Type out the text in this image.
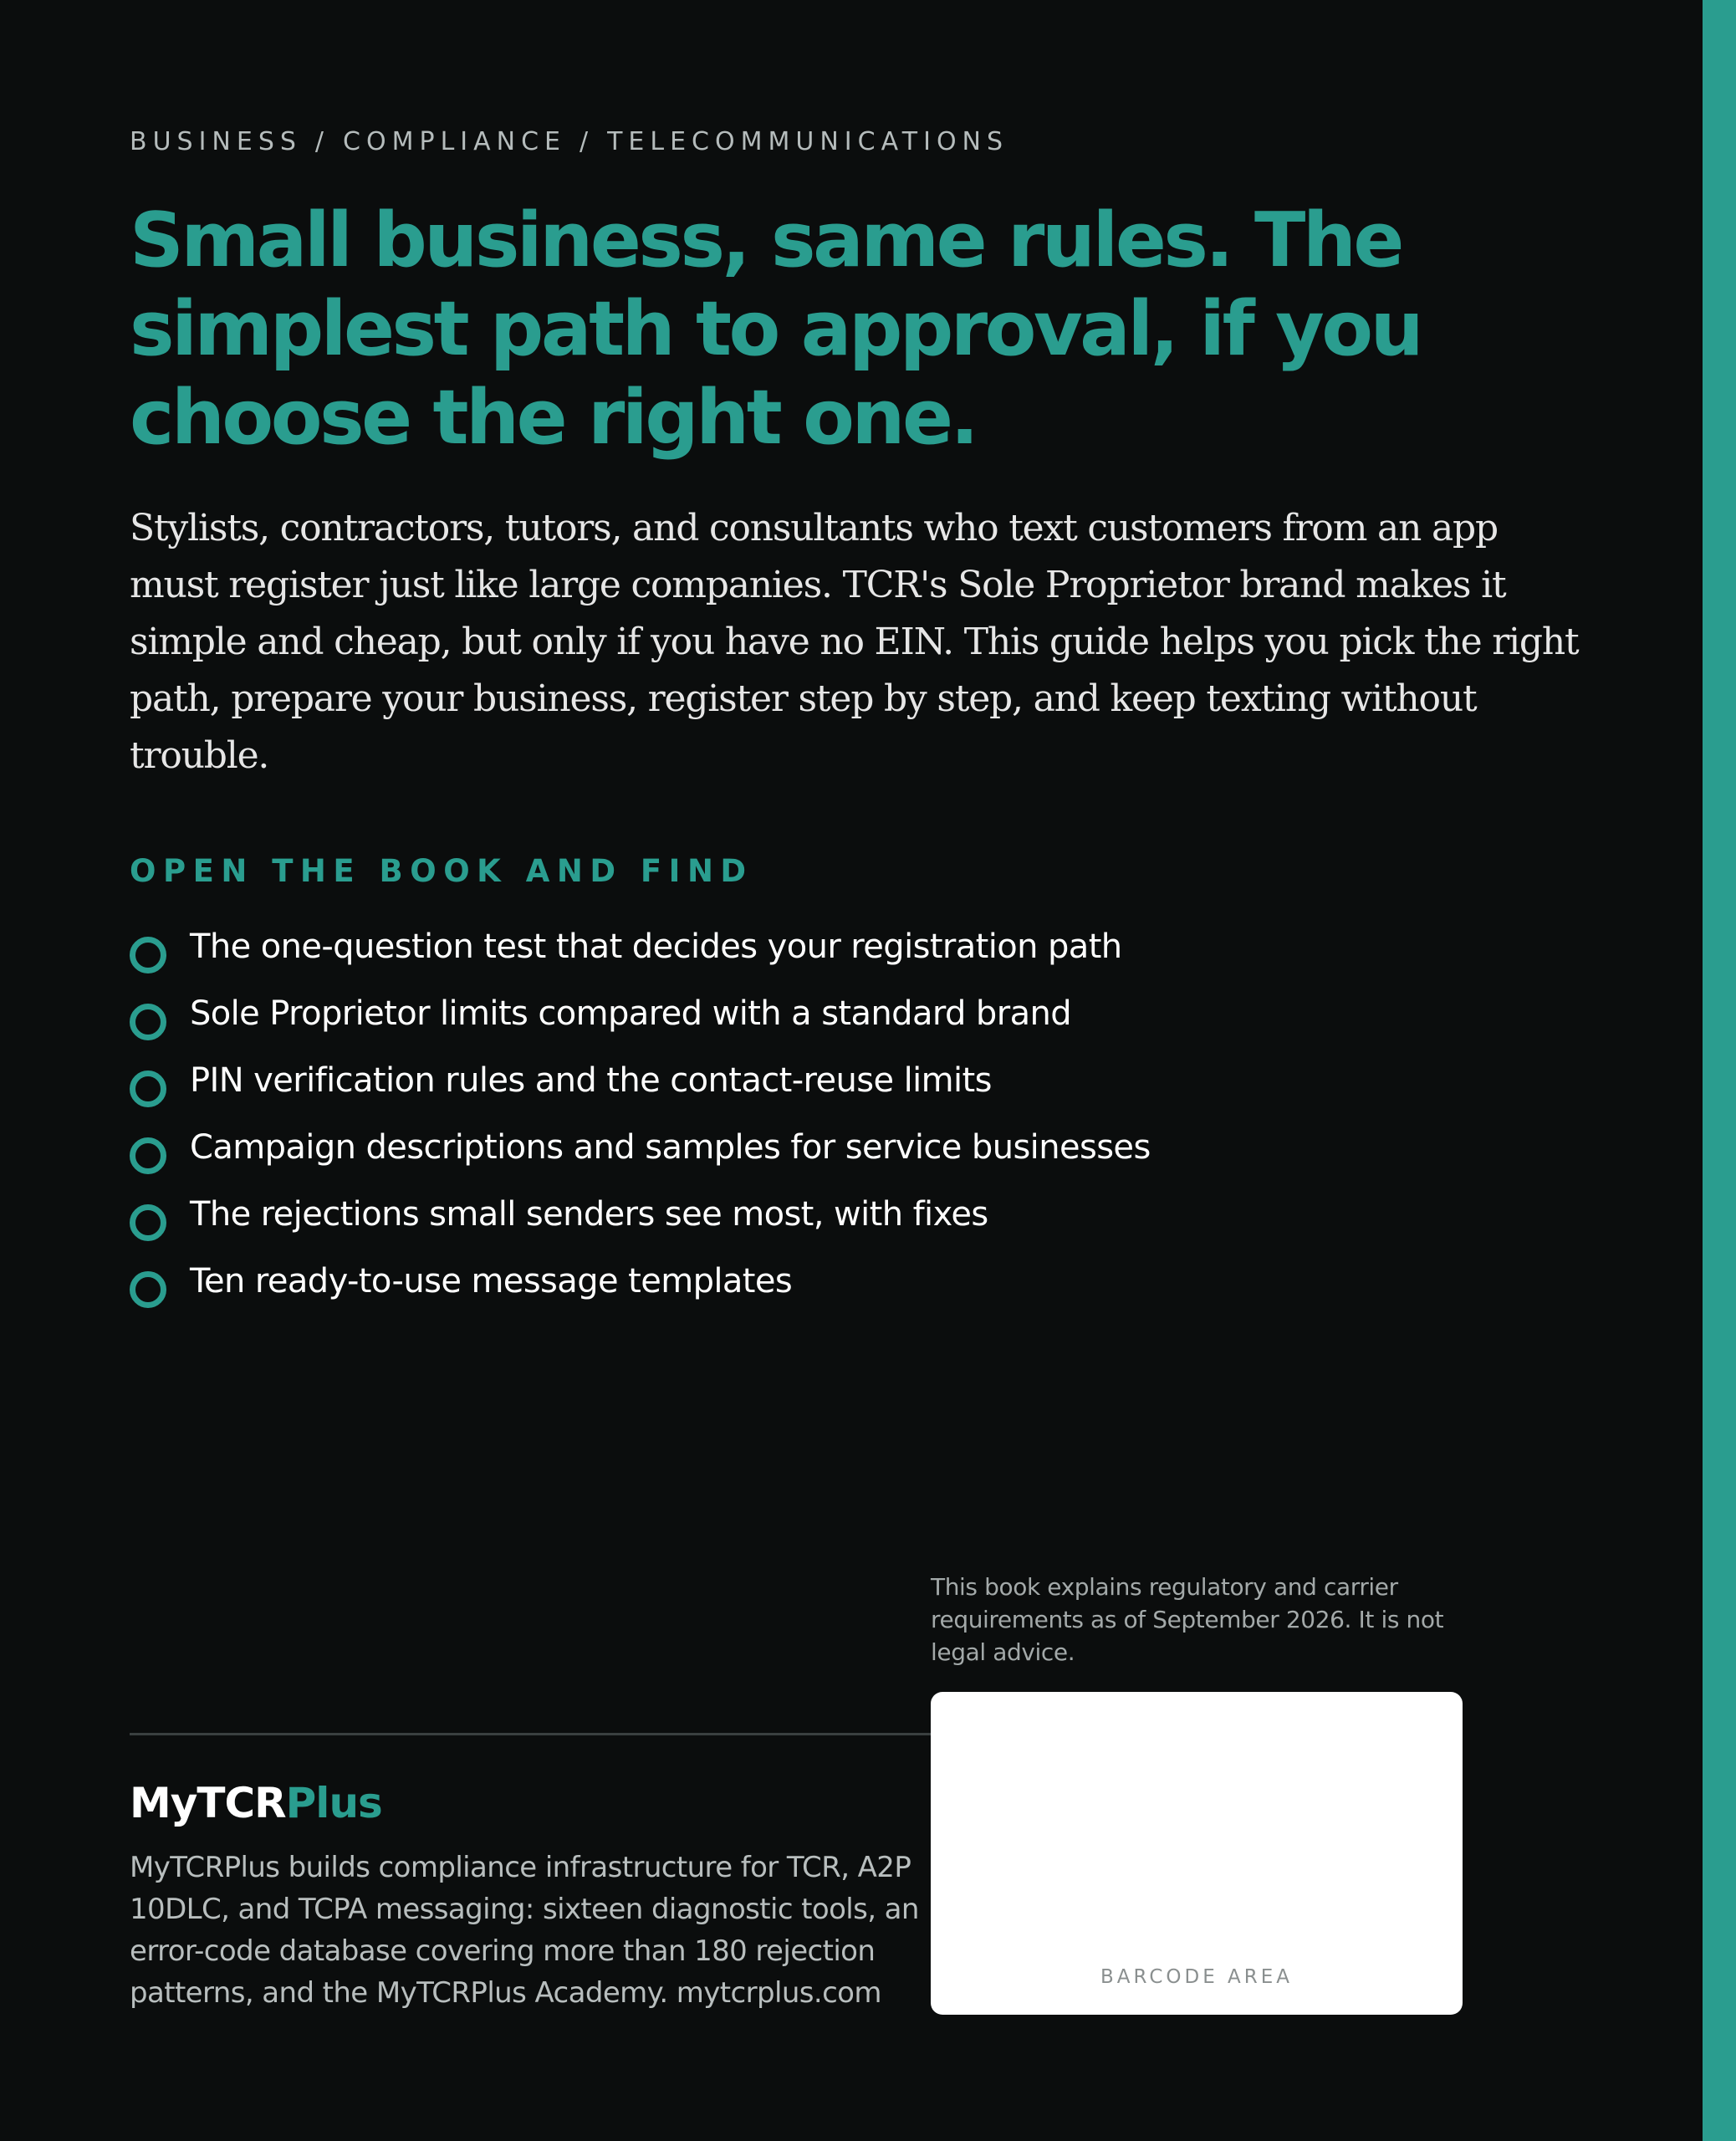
BUSINESS / COMPLIANCE / TELECOMMUNICATIONS
Small business, same rules. The simplest path to approval, if you choose the right one.

Stylists, contractors, tutors, and consultants who text customers from an app must register just like large companies. TCR's Sole Proprietor brand makes it simple and cheap, but only if you have no EIN. This guide helps you pick the right path, prepare your business, register step by step, and keep texting without trouble.

OPEN THE BOOK AND FIND
The one-question test that decides your registration path
Sole Proprietor limits compared with a standard brand
PIN verification rules and the contact-reuse limits
Campaign descriptions and samples for service businesses
The rejections small senders see most, with fixes
Ten ready-to-use message templates
MyTCRPlus

MyTCRPlus builds compliance infrastructure for TCR, A2P 10DLC, and TCPA messaging: sixteen diagnostic tools, an error-code database covering more than 180 rejection patterns, and the MyTCRPlus Academy. mytcrplus.com

This book explains regulatory and carrier requirements as of September 2026. It is not legal advice.

BARCODE AREA
